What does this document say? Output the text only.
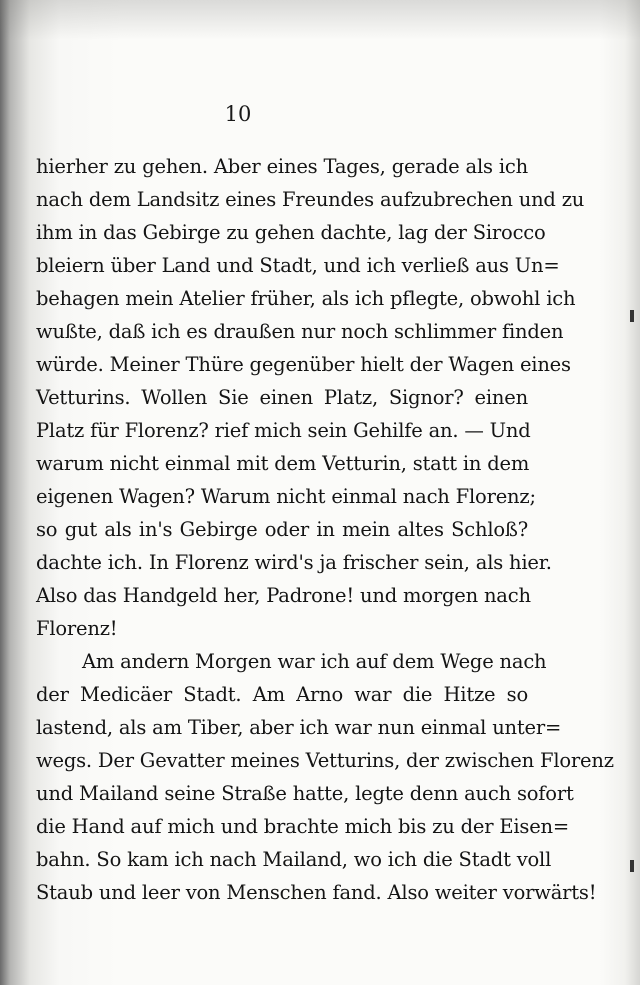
10
hierher zu gehen. Aber eines Tages, gerade als ich
nach dem Landsitz eines Freundes aufzubrechen und zu
ihm in das Gebirge zu gehen dachte, lag der Sirocco
bleiern über Land und Stadt, und ich verließ aus Un=
behagen mein Atelier früher, als ich pflegte, obwohl ich
wußte, daß ich es draußen nur noch schlimmer finden
würde. Meiner Thüre gegenüber hielt der Wagen eines
Vetturins. Wollen Sie einen Platz, Signor? einen
Platz für Florenz? rief mich sein Gehilfe an. — Und
warum nicht einmal mit dem Vetturin, statt in dem
eigenen Wagen? Warum nicht einmal nach Florenz;
so gut als in's Gebirge oder in mein altes Schloß?
dachte ich. In Florenz wird's ja frischer sein, als hier.
Also das Handgeld her, Padrone! und morgen nach
Florenz!
Am andern Morgen war ich auf dem Wege nach
der Medicäer Stadt. Am Arno war die Hitze so
lastend, als am Tiber, aber ich war nun einmal unter=
wegs. Der Gevatter meines Vetturins, der zwischen Florenz
und Mailand seine Straße hatte, legte denn auch sofort
die Hand auf mich und brachte mich bis zu der Eisen=
bahn. So kam ich nach Mailand, wo ich die Stadt voll
Staub und leer von Menschen fand. Also weiter vorwärts!
